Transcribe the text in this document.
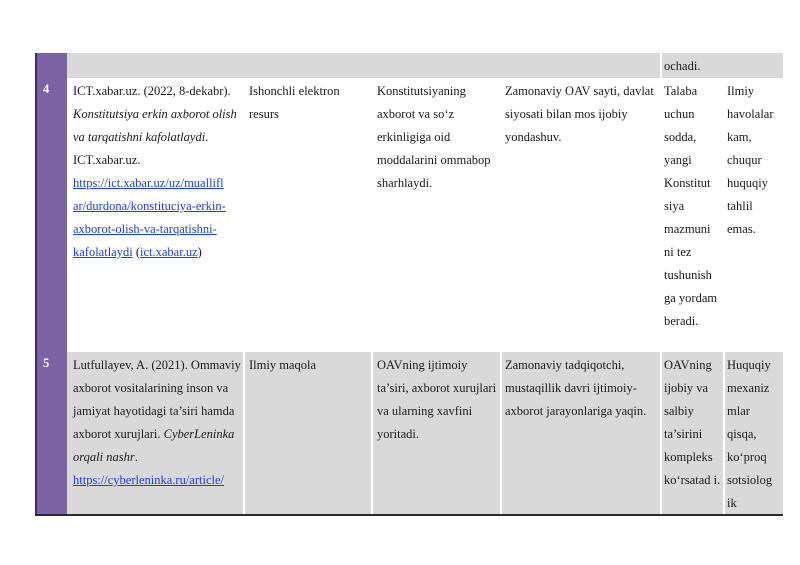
ochadi.
4 ICT.xabar.uz. (2022, 8-dekabr). Konstitutsiya erkin axborot olish va tarqatishni kafolatlaydi. ICT.xabar.uz. https://ict.xabar.uz/uz/muallifl ar/durdona/konstituciya-erkin-axborot-olish-va-tarqatishni-kafolatlaydi (ict.xabar.uz)
Ishonchli elektron resurs
Konstitutsiyaning axborot va so‘z erkinligiga oid moddalarini ommabop sharhlaydi.
Zamonaviy OAV sayti, davlat siyosati bilan mos ijobiy yondashuv.
Talaba uchun sodda, yangi Konstitut siya mazmuni ni tez tushunish ga yordam beradi.
Ilmiy havolalar kam, chuqur huquqiy tahlil emas.
5 Lutfullayev, A. (2021). Ommaviy axborot vositalarining inson va jamiyat hayotidagi ta’siri hamda axborot xurujlari. CyberLeninka orqali nashr. https://cyberleninka.ru/article/
Ilmiy maqola	OAVning ijtimoiy ta’siri, axborot xurujlari va ularning xavfini yoritadi.
Zamonaviy tadqiqotchi, mustaqillik davri ijtimoiy-axborot jarayonlariga yaqin.
OAVning ijobiy va salbiy ta’sirini kompleks ko‘rsatad i.
Huquqiy mexaniz mlar qisqa, ko‘proq sotsiolog ik
